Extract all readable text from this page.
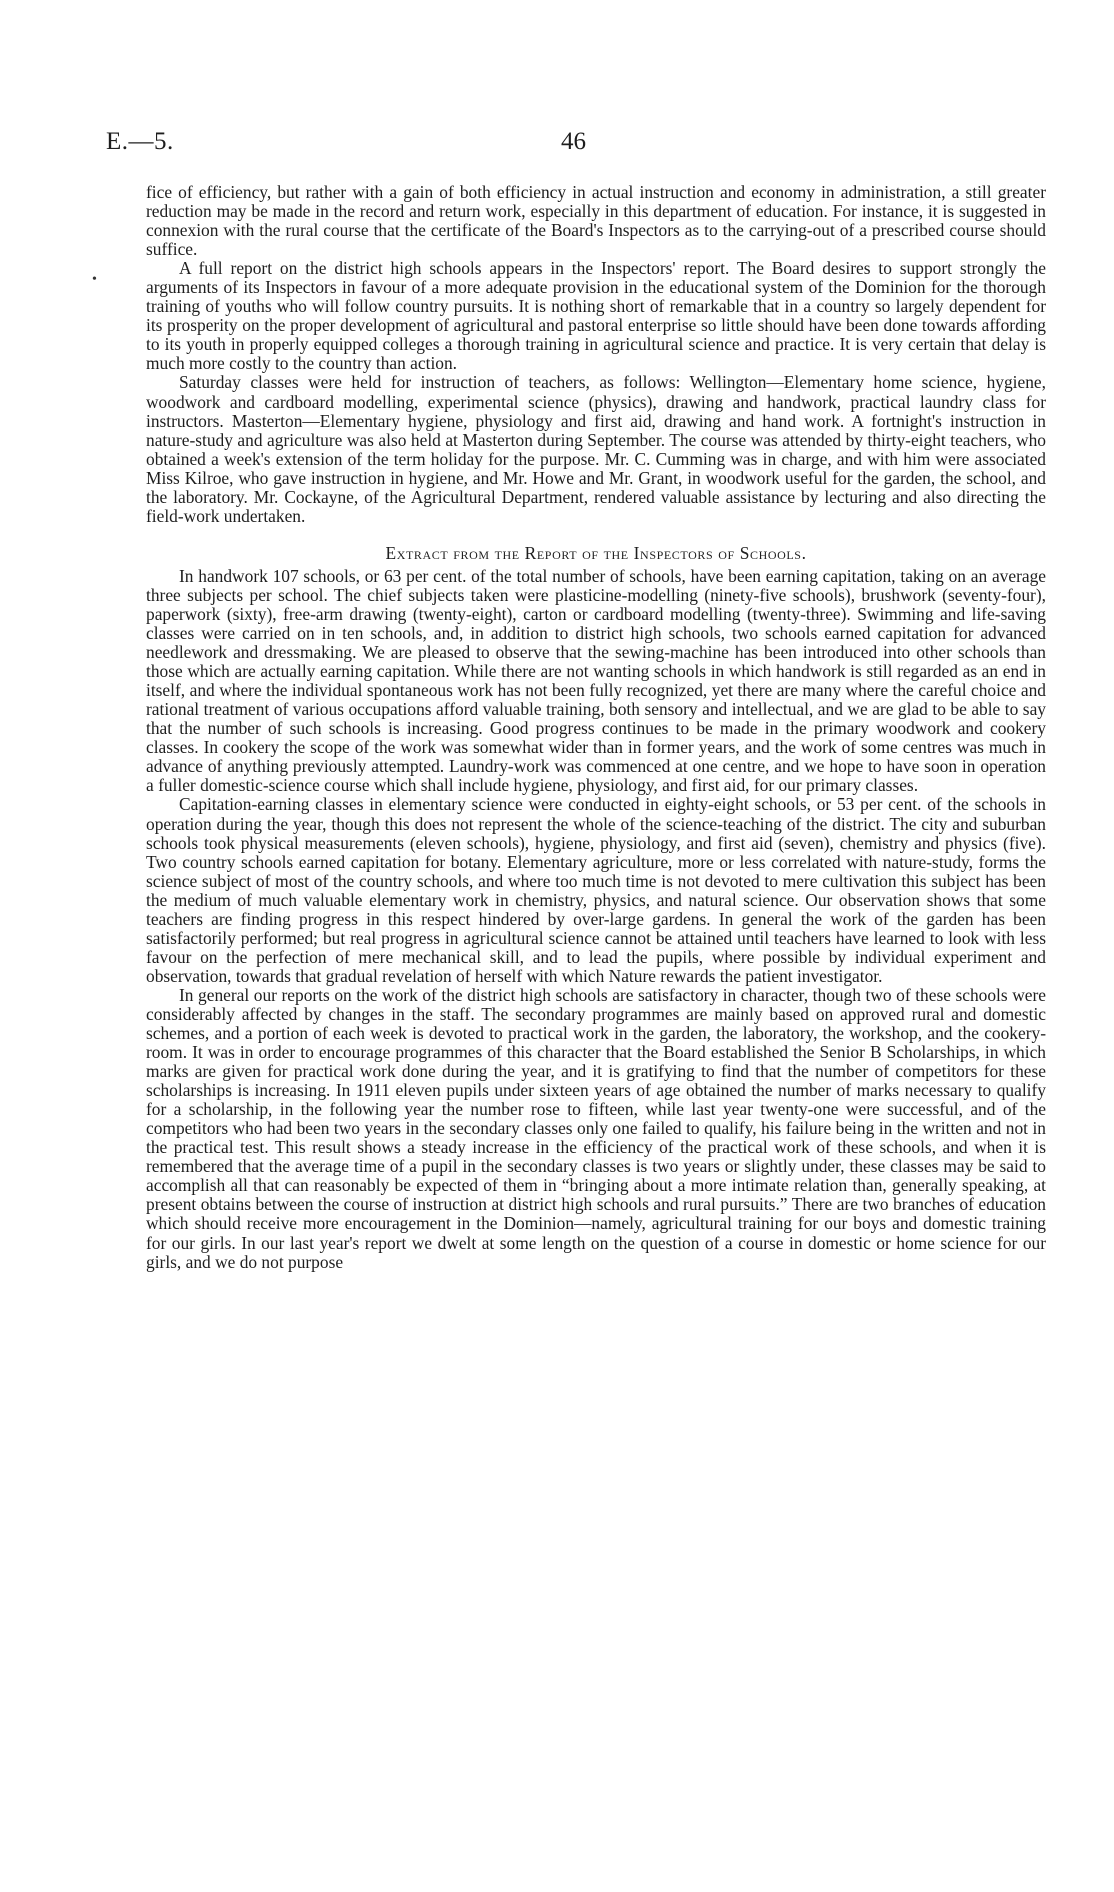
E.—5.	46
•

fice of efficiency, but rather with a gain of both efficiency in actual instruction and economy in administration, a still greater reduction may be made in the record and return work, especially in this department of education. For instance, it is suggested in connexion with the rural course that the certificate of the Board's Inspectors as to the carrying-out of a prescribed course should suffice.

A full report on the district high schools appears in the Inspectors' report. The Board desires to support strongly the arguments of its Inspectors in favour of a more adequate provision in the educational system of the Dominion for the thorough training of youths who will follow country pursuits. It is nothing short of remarkable that in a country so largely dependent for its prosperity on the proper development of agricultural and pastoral enterprise so little should have been done towards affording to its youth in properly equipped colleges a thorough training in agricultural science and practice. It is very certain that delay is much more costly to the country than action.

Saturday classes were held for instruction of teachers, as follows: Wellington—Elementary home science, hygiene, woodwork and cardboard modelling, experimental science (physics), drawing and handwork, practical laundry class for instructors. Masterton—Elementary hygiene, physiology and first aid, drawing and hand work. A fortnight's instruction in nature-study and agriculture was also held at Masterton during September. The course was attended by thirty-eight teachers, who obtained a week's extension of the term holiday for the purpose. Mr. C. Cumming was in charge, and with him were associated Miss Kilroe, who gave instruction in hygiene, and Mr. Howe and Mr. Grant, in woodwork useful for the garden, the school, and the laboratory. Mr. Cockayne, of the Agricultural Department, rendered valuable assistance by lecturing and also directing the field-work undertaken.

Extract from the Report of the Inspectors of Schools.

In handwork 107 schools, or 63 per cent. of the total number of schools, have been earning capitation, taking on an average three subjects per school. The chief subjects taken were plasticine-modelling (ninety-five schools), brushwork (seventy-four), paperwork (sixty), free-arm drawing (twenty-eight), carton or cardboard modelling (twenty-three). Swimming and life-saving classes were carried on in ten schools, and, in addition to district high schools, two schools earned capitation for advanced needlework and dressmaking. We are pleased to observe that the sewing-machine has been introduced into other schools than those which are actually earning capitation. While there are not wanting schools in which handwork is still regarded as an end in itself, and where the individual spontaneous work has not been fully recognized, yet there are many where the careful choice and rational treatment of various occupations afford valuable training, both sensory and intellectual, and we are glad to be able to say that the number of such schools is increasing. Good progress continues to be made in the primary woodwork and cookery classes. In cookery the scope of the work was somewhat wider than in former years, and the work of some centres was much in advance of anything previously attempted. Laundry-work was commenced at one centre, and we hope to have soon in operation a fuller domestic-science course which shall include hygiene, physiology, and first aid, for our primary classes.

Capitation-earning classes in elementary science were conducted in eighty-eight schools, or 53 per cent. of the schools in operation during the year, though this does not represent the whole of the science-teaching of the district. The city and suburban schools took physical measurements (eleven schools), hygiene, physiology, and first aid (seven), chemistry and physics (five). Two country schools earned capitation for botany. Elementary agriculture, more or less correlated with nature-study, forms the science subject of most of the country schools, and where too much time is not devoted to mere cultivation this subject has been the medium of much valuable elementary work in chemistry, physics, and natural science. Our observation shows that some teachers are finding progress in this respect hindered by over-large gardens. In general the work of the garden has been satisfactorily performed; but real progress in agricultural science cannot be attained until teachers have learned to look with less favour on the perfection of mere mechanical skill, and to lead the pupils, where possible by individual experiment and observation, towards that gradual revelation of herself with which Nature rewards the patient investigator.

In general our reports on the work of the district high schools are satisfactory in character, though two of these schools were considerably affected by changes in the staff. The secondary programmes are mainly based on approved rural and domestic schemes, and a portion of each week is devoted to practical work in the garden, the laboratory, the workshop, and the cookery-room. It was in order to encourage programmes of this character that the Board established the Senior B Scholarships, in which marks are given for practical work done during the year, and it is gratifying to find that the number of competitors for these scholarships is increasing. In 1911 eleven pupils under sixteen years of age obtained the number of marks necessary to qualify for a scholarship, in the following year the number rose to fifteen, while last year twenty-one were successful, and of the competitors who had been two years in the secondary classes only one failed to qualify, his failure being in the written and not in the practical test. This result shows a steady increase in the efficiency of the practical work of these schools, and when it is remembered that the average time of a pupil in the secondary classes is two years or slightly under, these classes may be said to accomplish all that can reasonably be expected of them in “bringing about a more intimate relation than, generally speaking, at present obtains between the course of instruction at district high schools and rural pursuits.” There are two branches of education which should receive more encouragement in the Dominion—namely, agricultural training for our boys and domestic training for our girls. In our last year's report we dwelt at some length on the question of a course in domestic or home science for our girls, and we do not purpose
